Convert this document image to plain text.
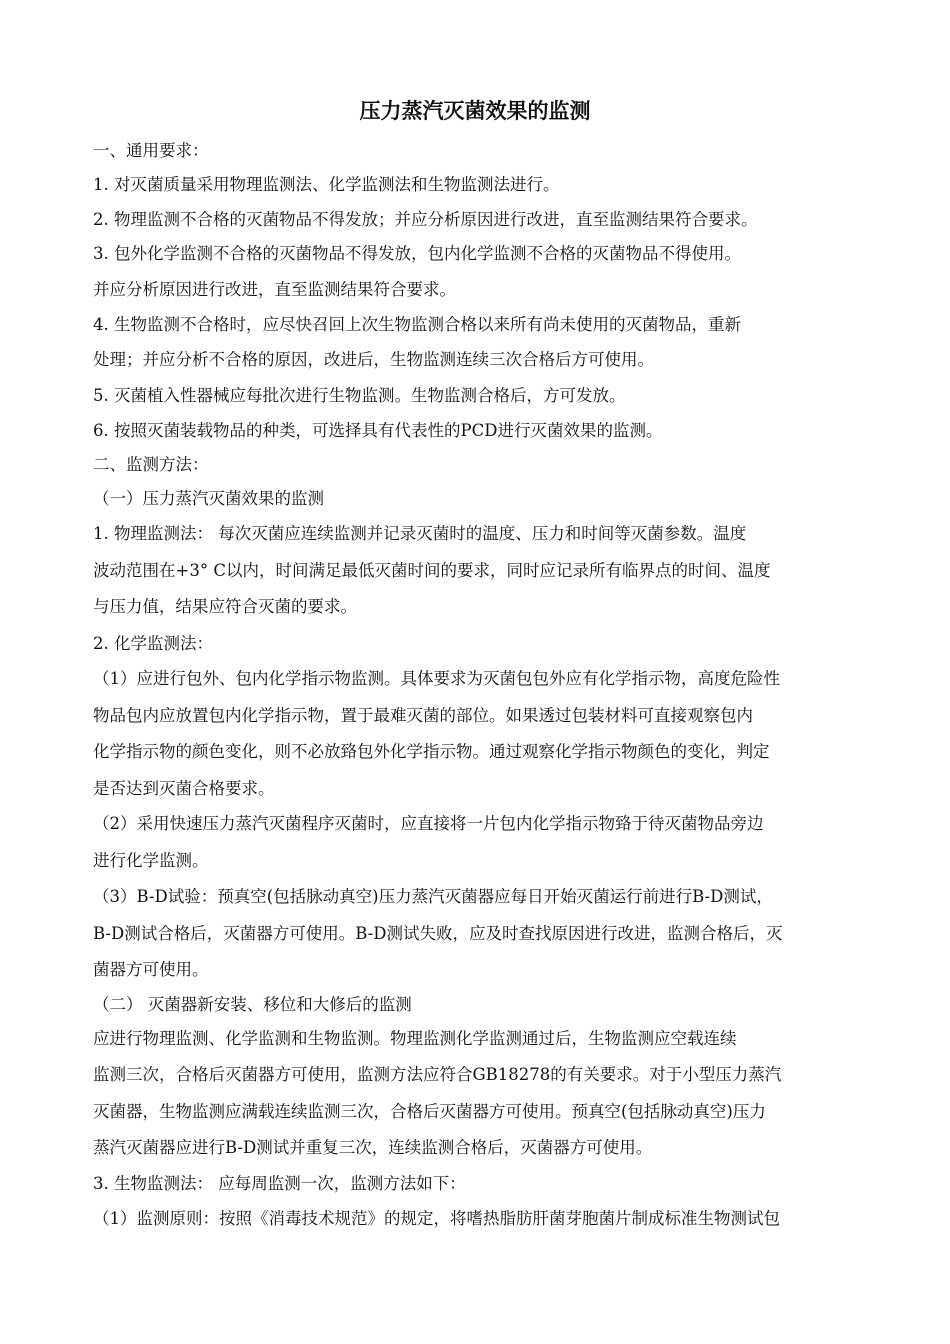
压力蒸汽灭菌效果的监测
一、通用要求：
1. 对灭菌质量采用物理监测法、化学监测法和生物监测法进行。
2. 物理监测不合格的灭菌物品不得发放；并应分析原因进行改进，直至监测结果符合要求。
3. 包外化学监测不合格的灭菌物品不得发放，包内化学监测不合格的灭菌物品不得使用。
并应分析原因进行改进，直至监测结果符合要求。
4. 生物监测不合格时，应尽快召回上次生物监测合格以来所有尚未使用的灭菌物品，重新
处理；并应分析不合格的原因，改进后，生物监测连续三次合格后方可使用。
5. 灭菌植入性器械应每批次进行生物监测。生物监测合格后，方可发放。
6. 按照灭菌装载物品的种类，可选择具有代表性的PCD进行灭菌效果的监测。
二、监测方法：
（一）压力蒸汽灭菌效果的监测
1. 物理监测法： 每次灭菌应连续监测并记录灭菌时的温度、压力和时间等灭菌参数。温度
波动范围在+3° C以内，时间满足最低灭菌时间的要求，同时应记录所有临界点的时间、温度
与压力值，结果应符合灭菌的要求。
2. 化学监测法：
（1）应进行包外、包内化学指示物监测。具体要求为灭菌包包外应有化学指示物，高度危险性
物品包内应放置包内化学指示物，置于最难灭菌的部位。如果透过包装材料可直接观察包内
化学指示物的颜色变化，则不必放臵包外化学指示物。通过观察化学指示物颜色的变化，判定
是否达到灭菌合格要求。
（2）采用快速压力蒸汽灭菌程序灭菌时，应直接将一片包内化学指示物臵于待灭菌物品旁边
进行化学监测。
（3）B-D试验：预真空(包括脉动真空)压力蒸汽灭菌器应每日开始灭菌运行前进行B-D测试，
B-D测试合格后，灭菌器方可使用。B-D测试失败，应及时查找原因进行改进，监测合格后，灭
菌器方可使用。
（二） 灭菌器新安装、移位和大修后的监测
应进行物理监测、化学监测和生物监测。物理监测化学监测通过后，生物监测应空载连续
监测三次，合格后灭菌器方可使用，监测方法应符合GB18278的有关要求。对于小型压力蒸汽
灭菌器，生物监测应满载连续监测三次，合格后灭菌器方可使用。预真空(包括脉动真空)压力
蒸汽灭菌器应进行B-D测试并重复三次，连续监测合格后，灭菌器方可使用。
3. 生物监测法： 应每周监测一次，监测方法如下：
（1）监测原则：按照《消毒技术规范》的规定，将嗜热脂肪肝菌芽胞菌片制成标准生物测试包
